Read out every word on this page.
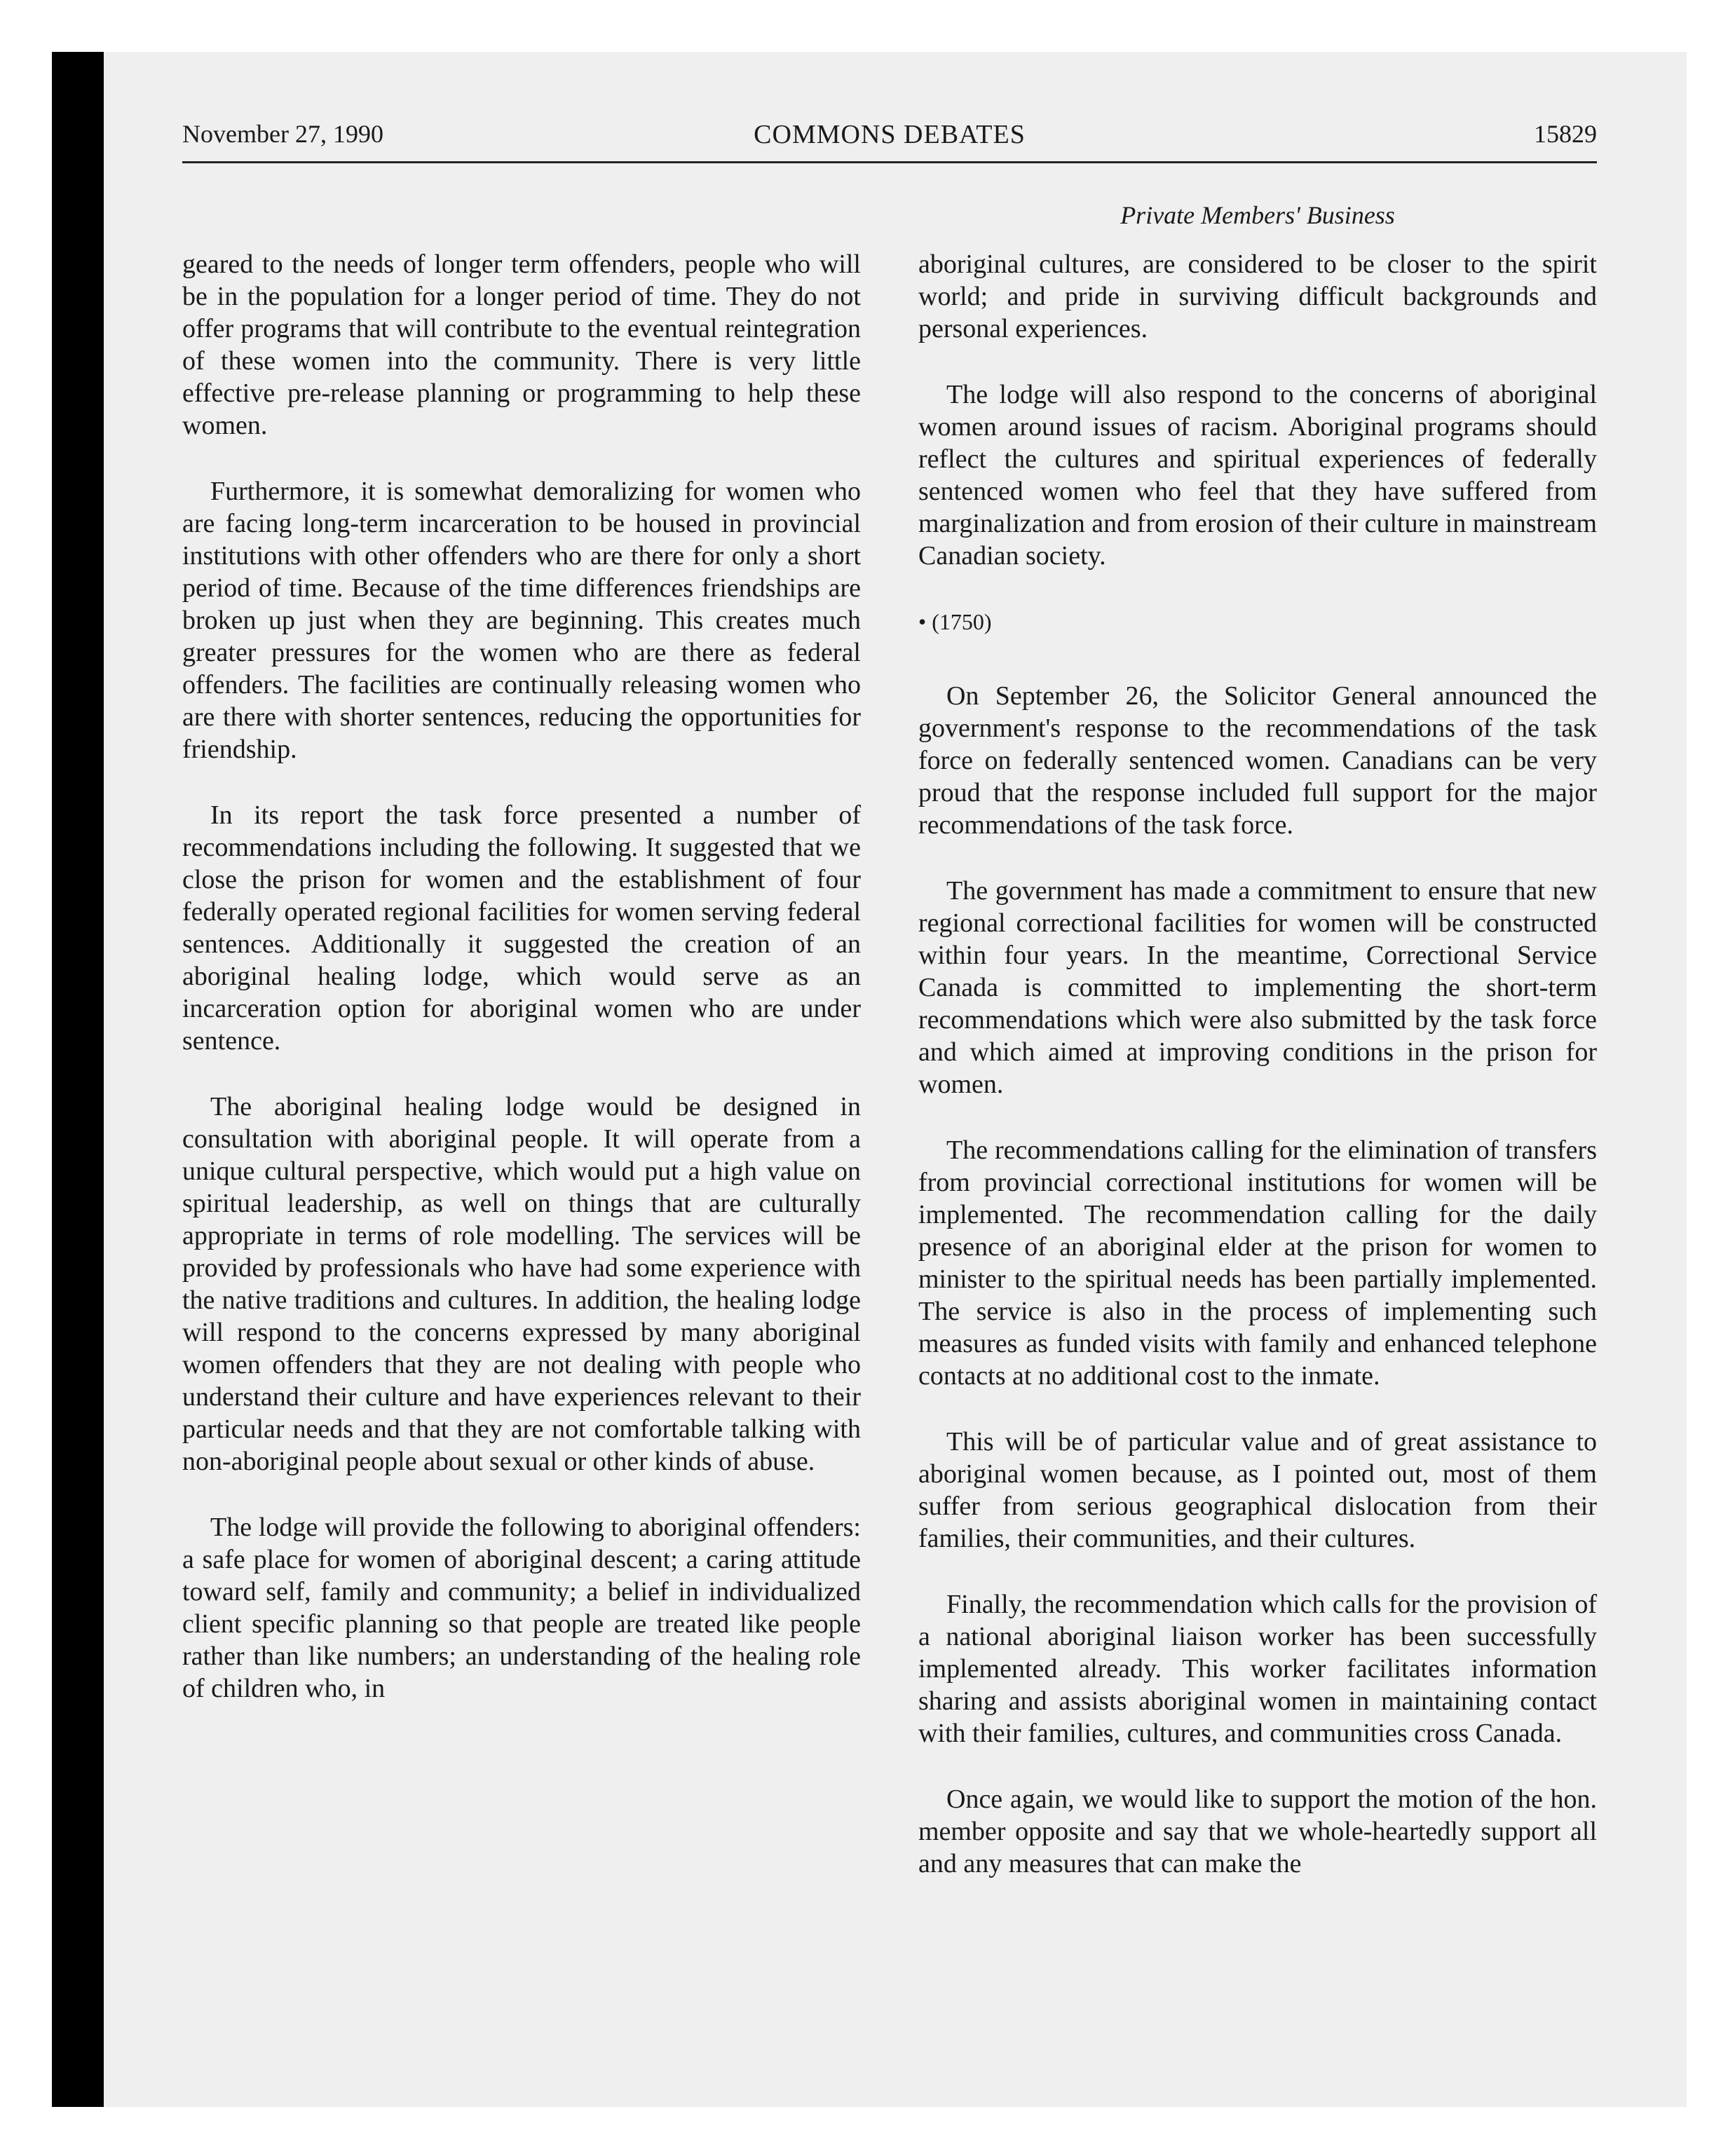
November 27, 1990	COMMONS DEBATES	15829
Private Members' Business

geared to the needs of longer term offenders, people who will be in the population for a longer period of time. They do not offer programs that will contribute to the eventual reintegration of these women into the community. There is very little effective pre-release planning or programming to help these women.

Furthermore, it is somewhat demoralizing for women who are facing long-term incarceration to be housed in provincial institutions with other offenders who are there for only a short period of time. Because of the time differences friendships are broken up just when they are beginning. This creates much greater pressures for the women who are there as federal offenders. The facilities are continually releasing women who are there with shorter sentences, reducing the opportunities for friendship.

In its report the task force presented a number of recommendations including the following. It suggested that we close the prison for women and the establishment of four federally operated regional facilities for women serving federal sentences. Additionally it suggested the creation of an aboriginal healing lodge, which would serve as an incarceration option for aboriginal women who are under sentence.

The aboriginal healing lodge would be designed in consultation with aboriginal people. It will operate from a unique cultural perspective, which would put a high value on spiritual leadership, as well on things that are culturally appropriate in terms of role modelling. The services will be provided by professionals who have had some experience with the native traditions and cultures. In addition, the healing lodge will respond to the concerns expressed by many aboriginal women offenders that they are not dealing with people who understand their culture and have experiences relevant to their particular needs and that they are not comfortable talking with non-aboriginal people about sexual or other kinds of abuse.

The lodge will provide the following to aboriginal offenders: a safe place for women of aboriginal descent; a caring attitude toward self, family and community; a belief in individualized client specific planning so that people are treated like people rather than like numbers; an understanding of the healing role of children who, in

aboriginal cultures, are considered to be closer to the spirit world; and pride in surviving difficult backgrounds and personal experiences.

The lodge will also respond to the concerns of aboriginal women around issues of racism. Aboriginal programs should reflect the cultures and spiritual experiences of federally sentenced women who feel that they have suffered from marginalization and from erosion of their culture in mainstream Canadian society.

• (1750)

On September 26, the Solicitor General announced the government's response to the recommendations of the task force on federally sentenced women. Canadians can be very proud that the response included full support for the major recommendations of the task force.

The government has made a commitment to ensure that new regional correctional facilities for women will be constructed within four years. In the meantime, Correctional Service Canada is committed to implementing the short-term recommendations which were also submitted by the task force and which aimed at improving conditions in the prison for women.

The recommendations calling for the elimination of transfers from provincial correctional institutions for women will be implemented. The recommendation calling for the daily presence of an aboriginal elder at the prison for women to minister to the spiritual needs has been partially implemented. The service is also in the process of implementing such measures as funded visits with family and enhanced telephone contacts at no additional cost to the inmate.

This will be of particular value and of great assistance to aboriginal women because, as I pointed out, most of them suffer from serious geographical dislocation from their families, their communities, and their cultures.

Finally, the recommendation which calls for the provision of a national aboriginal liaison worker has been successfully implemented already. This worker facilitates information sharing and assists aboriginal women in maintaining contact with their families, cultures, and communities cross Canada.

Once again, we would like to support the motion of the hon. member opposite and say that we whole-heartedly support all and any measures that can make the
